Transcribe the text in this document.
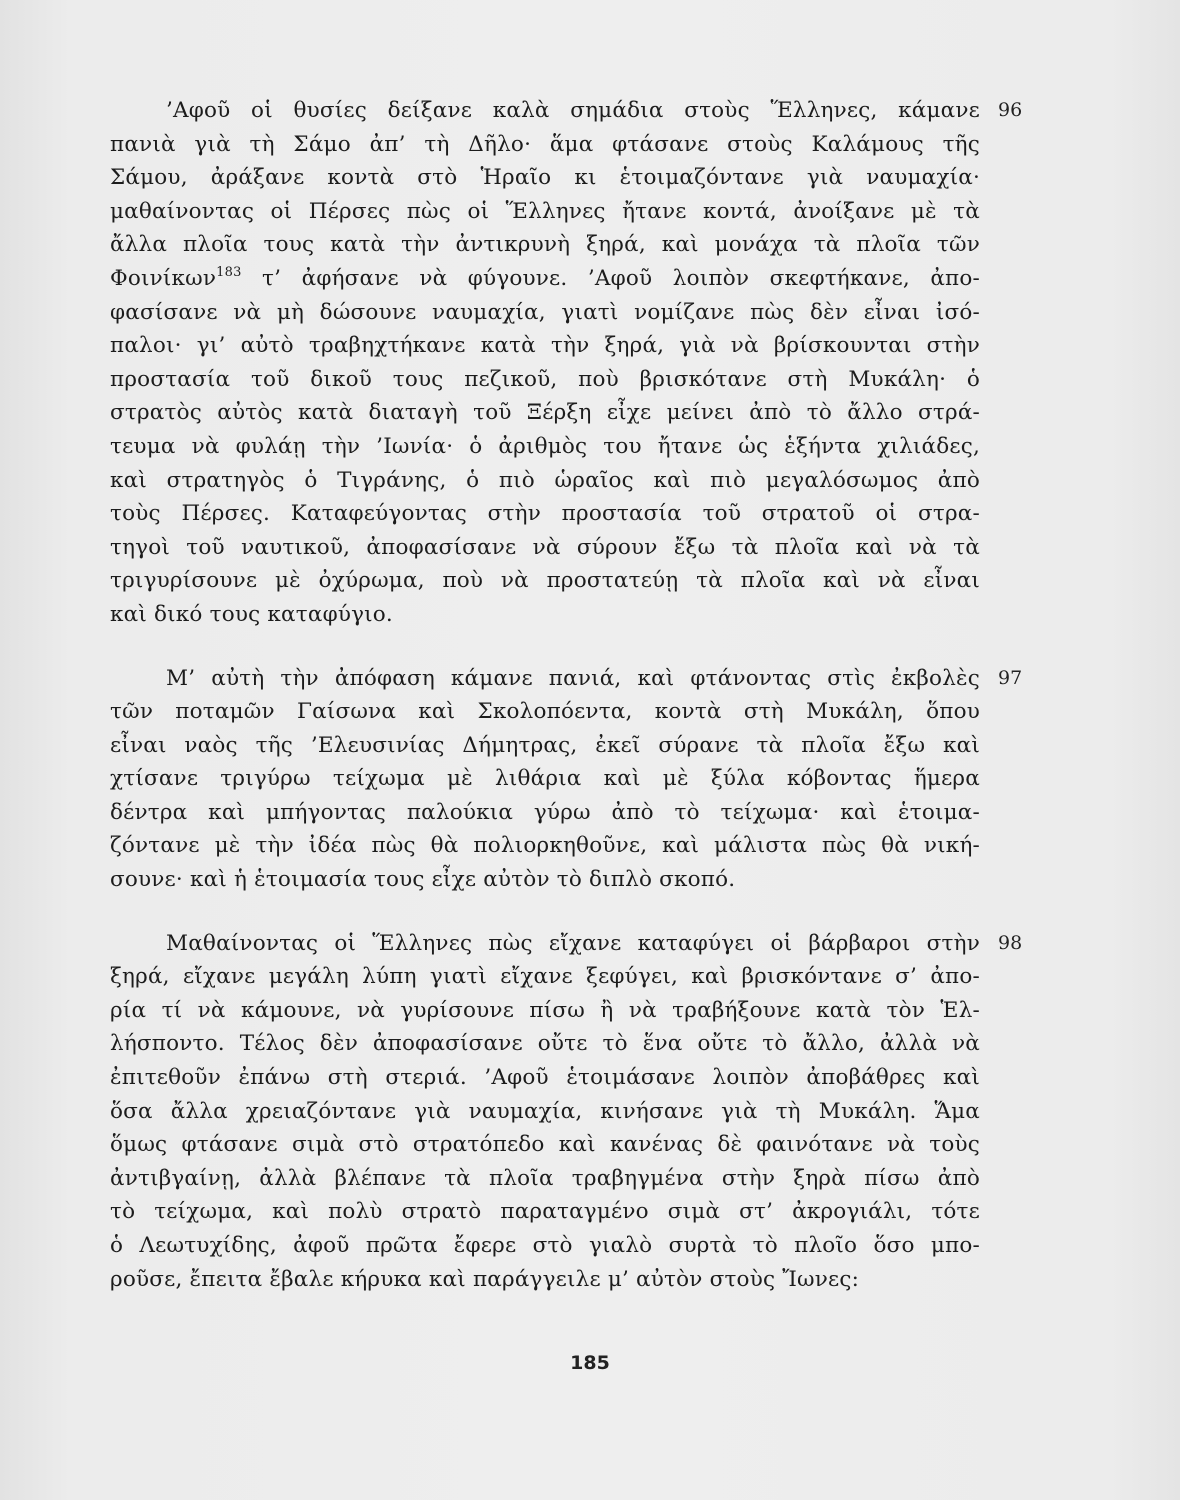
96
’Αφοῦ οἱ θυσίες δείξανε καλὰ σημάδια στοὺς Ἕλληνες, κάμανε
πανιὰ γιὰ τὴ Σάμο ἀπ’ τὴ Δῆλο· ἅμα φτάσανε στοὺς Καλάμους τῆς
Σάμου, ἀράξανε κοντὰ στὸ Ἡραῖο κι ἑτοιμαζόντανε γιὰ ναυμαχία·
μαθαίνοντας οἱ Πέρσες πὼς οἱ Ἕλληνες ἤτανε κοντά, ἀνοίξανε μὲ τὰ
ἄλλα πλοῖα τους κατὰ τὴν ἀντικρυνὴ ξηρά, καὶ μονάχα τὰ πλοῖα τῶν
Φοινίκων$^{183}$ τ’ ἀφήσανε νὰ φύγουνε. ’Αφοῦ λοιπὸν σκεφτήκανε, ἀπο-
φασίσανε νὰ μὴ δώσουνε ναυμαχία, γιατὶ νομίζανε πὼς δὲν εἶναι ἰσό-
παλοι· γι’ αὐτὸ τραβηχτήκανε κατὰ τὴν ξηρά, γιὰ νὰ βρίσκουνται στὴν
προστασία τοῦ δικοῦ τους πεζικοῦ, ποὺ βρισκότανε στὴ Μυκάλη· ὁ
στρατὸς αὐτὸς κατὰ διαταγὴ τοῦ Ξέρξη εἶχε μείνει ἀπὸ τὸ ἄλλο στρά-
τευμα νὰ φυλάῃ τὴν ’Ιωνία· ὁ ἀριθμὸς του ἤτανε ὡς ἑξήντα χιλιάδες,
καὶ στρατηγὸς ὁ Τιγράνης, ὁ πιὸ ὡραῖος καὶ πιὸ μεγαλόσωμος ἀπὸ
τοὺς Πέρσες. Καταφεύγοντας στὴν προστασία τοῦ στρατοῦ οἱ στρα-
τηγοὶ τοῦ ναυτικοῦ, ἀποφασίσανε νὰ σύρουν ἔξω τὰ πλοῖα καὶ νὰ τὰ
τριγυρίσουνε μὲ ὀχύρωμα, ποὺ νὰ προστατεύῃ τὰ πλοῖα καὶ νὰ εἶναι
καὶ δικό τους καταφύγιο.
97
Μ’ αὐτὴ τὴν ἀπόφαση κάμανε πανιά, καὶ φτάνοντας στὶς ἐκβολὲς
τῶν ποταμῶν Γαίσωνα καὶ Σκολοπόεντα, κοντὰ στὴ Μυκάλη, ὅπου
εἶναι ναὸς τῆς ’Ελευσινίας Δήμητρας, ἐκεῖ σύρανε τὰ πλοῖα ἔξω καὶ
χτίσανε τριγύρω τείχωμα μὲ λιθάρια καὶ μὲ ξύλα κόβοντας ἥμερα
δέντρα καὶ μπήγοντας παλούκια γύρω ἀπὸ τὸ τείχωμα· καὶ ἑτοιμα-
ζόντανε μὲ τὴν ἰδέα πὼς θὰ πολιορκηθοῦνε, καὶ μάλιστα πὼς θὰ νική-
σουνε· καὶ ἡ ἑτοιμασία τους εἶχε αὐτὸν τὸ διπλὸ σκοπό.
98
Μαθαίνοντας οἱ Ἕλληνες πὼς εἴχανε καταφύγει οἱ βάρβαροι στὴν
ξηρά, εἴχανε μεγάλη λύπη γιατὶ εἴχανε ξεφύγει, καὶ βρισκόντανε σ’ ἀπο-
ρία τί νὰ κάμουνε, νὰ γυρίσουνε πίσω ἢ νὰ τραβήξουνε κατὰ τὸν Ἑλ-
λήσποντο. Τέλος δὲν ἀποφασίσανε οὔτε τὸ ἕνα οὔτε τὸ ἄλλο, ἀλλὰ νὰ
ἐπιτεθοῦν ἐπάνω στὴ στεριά. ’Αφοῦ ἑτοιμάσανε λοιπὸν ἀποβάθρες καὶ
ὅσα ἄλλα χρειαζόντανε γιὰ ναυμαχία, κινήσανε γιὰ τὴ Μυκάλη. Ἅμα
ὅμως φτάσανε σιμὰ στὸ στρατόπεδο καὶ κανένας δὲ φαινότανε νὰ τοὺς
ἀντιβγαίνῃ, ἀλλὰ βλέπανε τὰ πλοῖα τραβηγμένα στὴν ξηρὰ πίσω ἀπὸ
τὸ τείχωμα, καὶ πολὺ στρατὸ παραταγμένο σιμὰ στ’ ἀκρογιάλι, τότε
ὁ Λεωτυχίδης, ἀφοῦ πρῶτα ἔφερε στὸ γιαλὸ συρτὰ τὸ πλοῖο ὅσο μπο-
ροῦσε, ἔπειτα ἔβαλε κήρυκα καὶ παράγγειλε μ’ αὐτὸν στοὺς Ἴωνες:
185
